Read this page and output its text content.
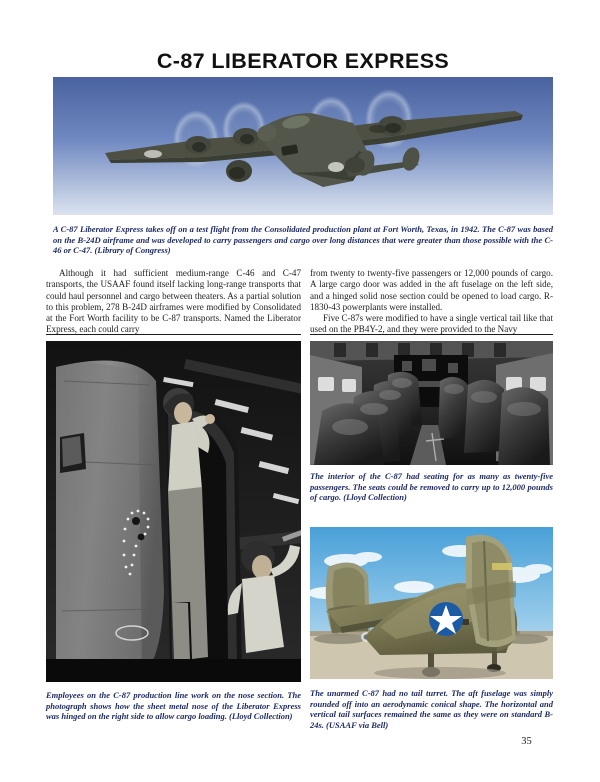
C-87 LIBERATOR EXPRESS
A C-87 Liberator Express takes off on a test flight from the Consolidated production plant at Fort Worth, Texas, in 1942. The C-87 was based on the B-24D airframe and was developed to carry passengers and cargo over long distances that were greater than those possible with the C-46 or C-47. (Library of Congress)

Although it had sufficient medium-range C-46 and C-47 transports, the USAAF found itself lacking long-range transports that could haul personnel and cargo between theaters. As a partial solution to this problem, 278 B-24D airframes were modified by Consolidated at the Fort Worth facility to be C-87 transports. Named the Liberator Express, each could carry

from twenty to twenty-five passengers or 12,000 pounds of cargo. A large cargo door was added in the aft fuselage on the left side, and a hinged solid nose section could be opened to load cargo. R-1830-43 powerplants were installed.

Five C-87s were modified to have a single vertical tail like that used on the PB4Y-2, and they were provided to the Navy

The interior of the C-87 had seating for as many as twenty-five passengers. The seats could be removed to carry up to 12,000 pounds of cargo. (Lloyd Collection)
Employees on the C-87 production line work on the nose section. The photograph shows how the sheet metal nose of the Liberator Express was hinged on the right side to allow cargo loading. (Lloyd Collection)
The unarmed C-87 had no tail turret. The aft fuselage was simply rounded off into an aerodynamic conical shape. The horizontal and vertical tail surfaces remained the same as they were on standard B-24s. (USAAF via Bell)
35
